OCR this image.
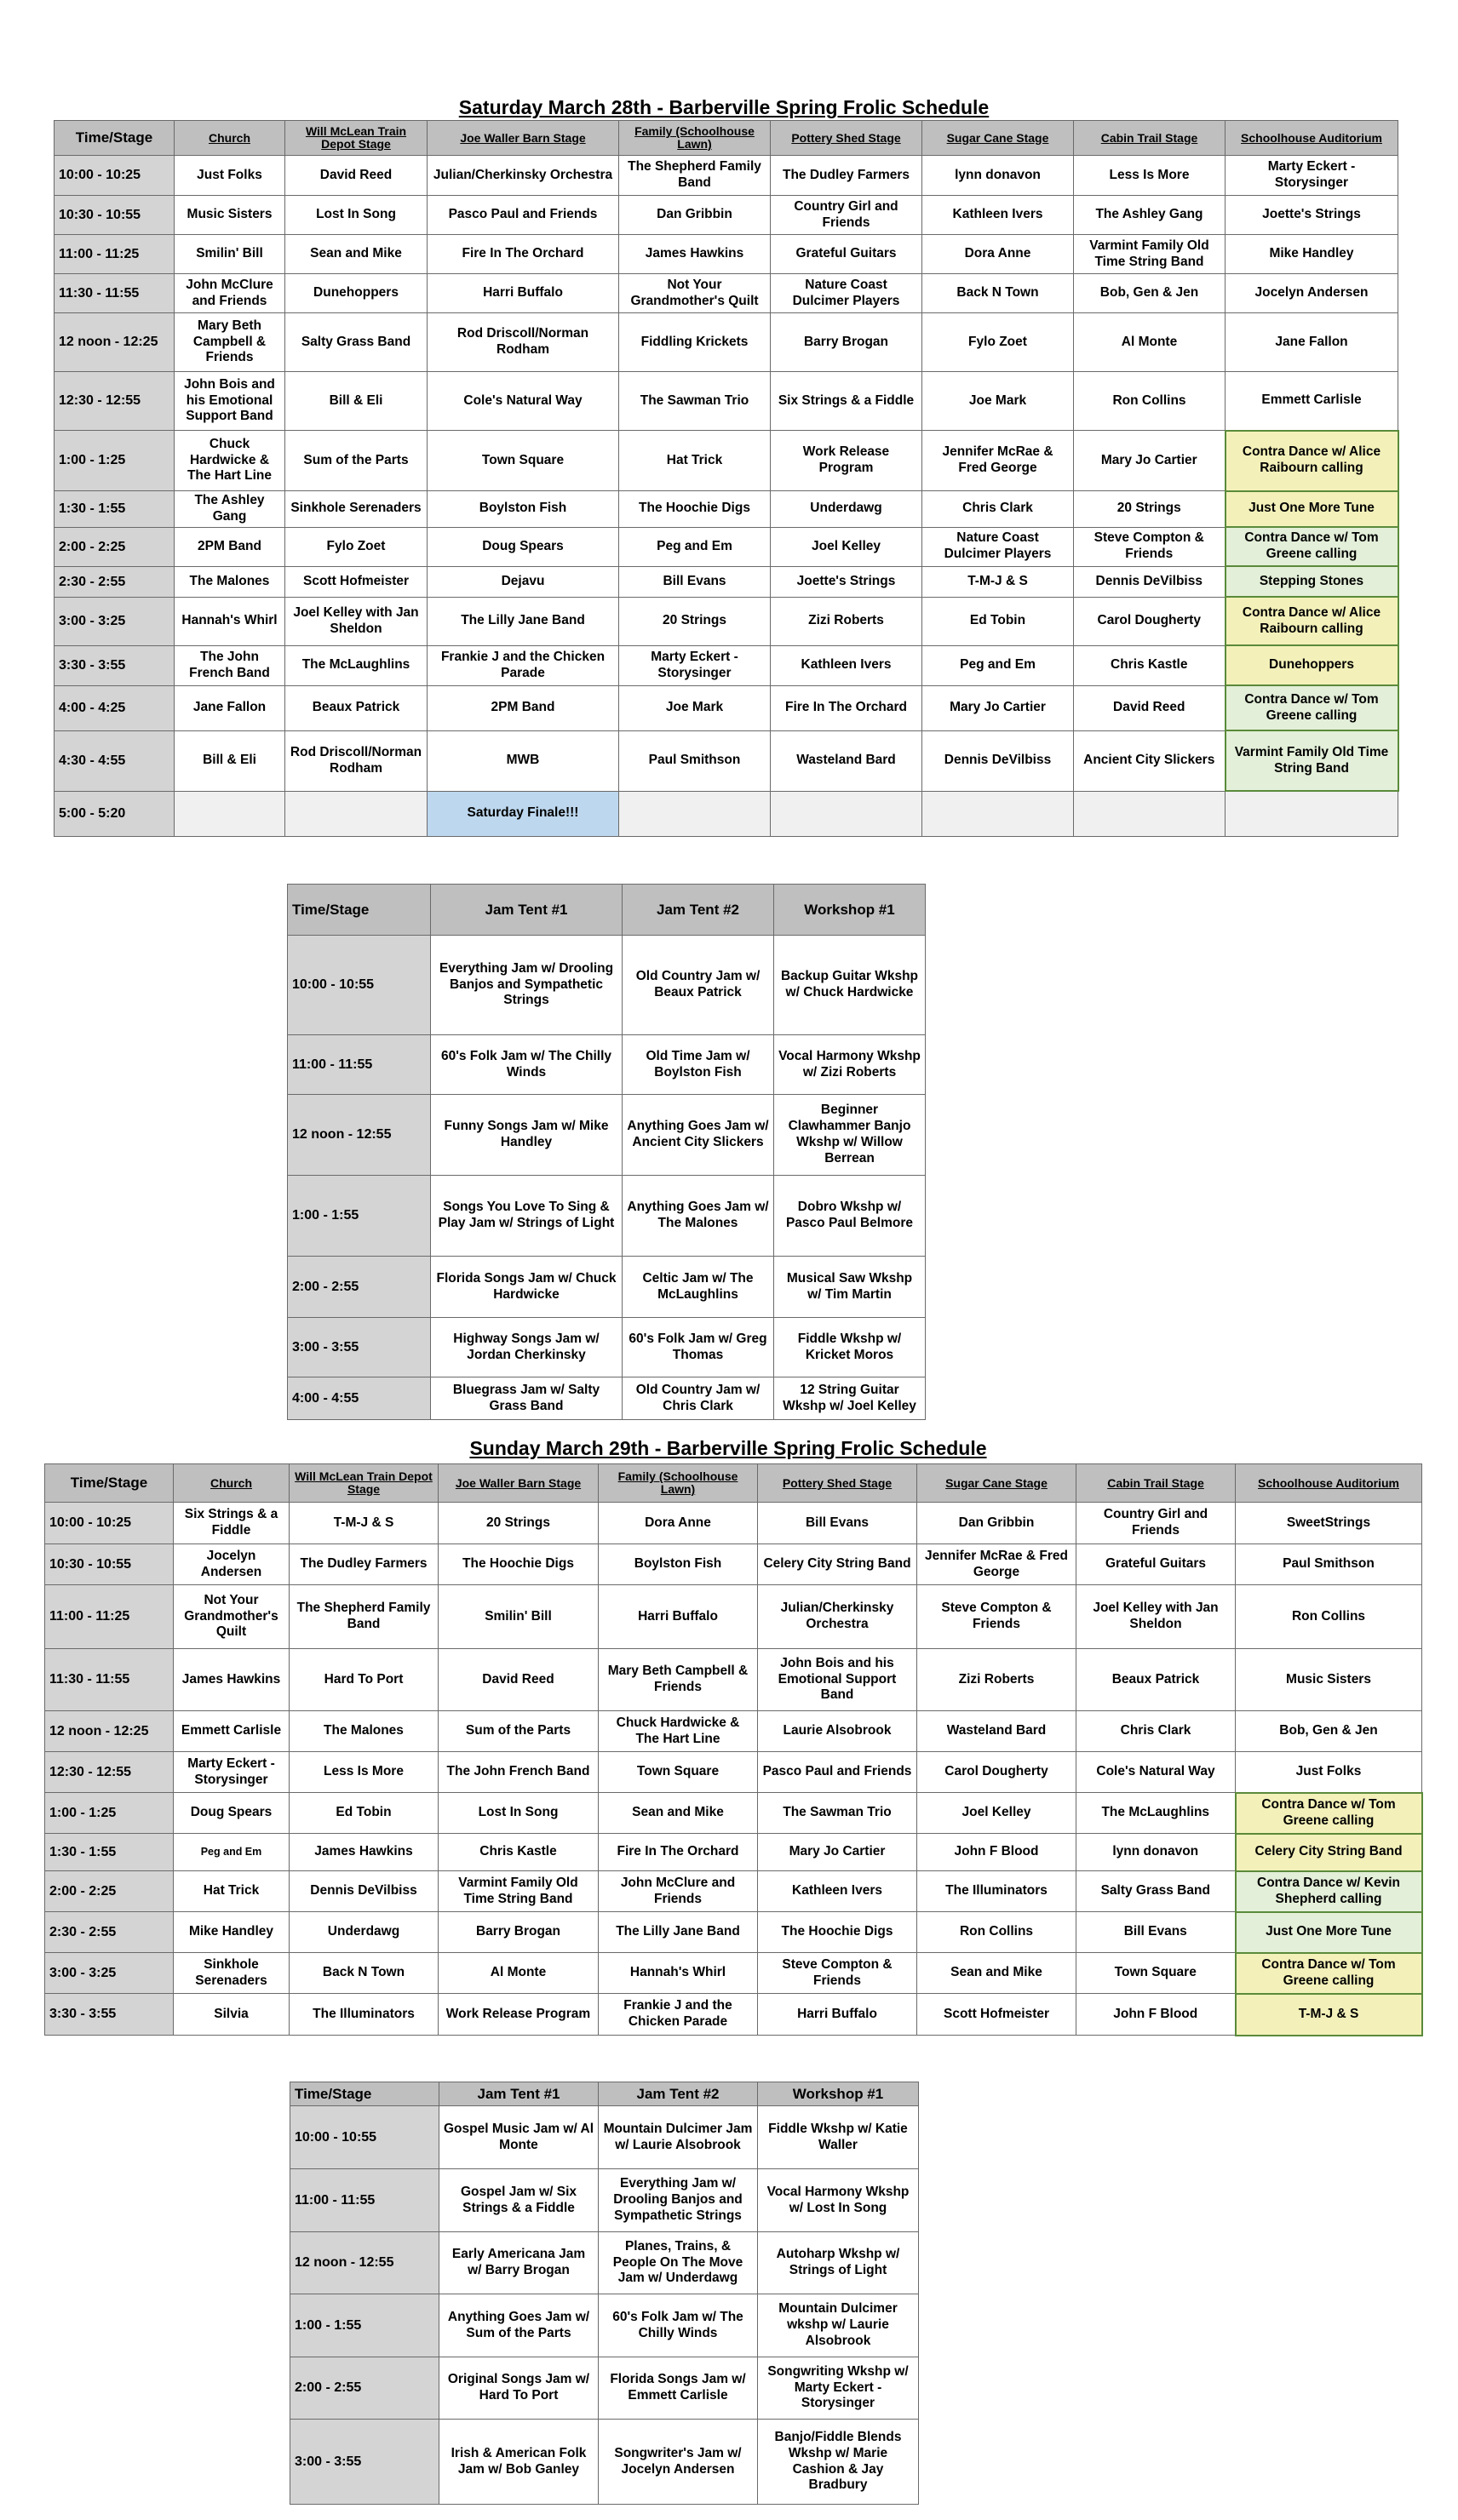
Saturday March 28th - Barberville Spring Frolic Schedule
Time/Stage	Church	Will McLean Train Depot Stage	Joe Waller Barn Stage	Family (Schoolhouse Lawn)	Pottery Shed Stage	Sugar Cane Stage	Cabin Trail Stage	Schoolhouse Auditorium
10:00 - 10:25	Just Folks	David Reed	Julian/Cherkinsky Orchestra	The Shepherd Family Band	The Dudley Farmers	lynn donavon	Less Is More	Marty Eckert - Storysinger
10:30 - 10:55	Music Sisters	Lost In Song	Pasco Paul and Friends	Dan Gribbin	Country Girl and Friends	Kathleen Ivers	The Ashley Gang	Joette's Strings
11:00 - 11:25	Smilin' Bill	Sean and Mike	Fire In The Orchard	James Hawkins	Grateful Guitars	Dora Anne	Varmint Family Old Time String Band	Mike Handley
11:30 - 11:55	John McClure and Friends	Dunehoppers	Harri Buffalo	Not Your Grandmother's Quilt	Nature Coast Dulcimer Players	Back N Town	Bob, Gen & Jen	Jocelyn Andersen
12 noon - 12:25	Mary Beth Campbell & Friends	Salty Grass Band	Rod Driscoll/Norman Rodham	Fiddling Krickets	Barry Brogan	Fylo Zoet	Al Monte	Jane Fallon
12:30 - 12:55	John Bois and his Emotional Support Band	Bill & Eli	Cole's Natural Way	The Sawman Trio	Six Strings & a Fiddle	Joe Mark	Ron Collins	Emmett Carlisle
1:00 - 1:25	Chuck Hardwicke & The Hart Line	Sum of the Parts	Town Square	Hat Trick	Work Release Program	Jennifer McRae & Fred George	Mary Jo Cartier	Contra Dance w/ Alice Raibourn calling
1:30 - 1:55	The Ashley Gang	Sinkhole Serenaders	Boylston Fish	The Hoochie Digs	Underdawg	Chris Clark	20 Strings	Just One More Tune
2:00 - 2:25	2PM Band	Fylo Zoet	Doug Spears	Peg and Em	Joel Kelley	Nature Coast Dulcimer Players	Steve Compton & Friends	Contra Dance w/ Tom Greene calling
2:30 - 2:55	The Malones	Scott Hofmeister	Dejavu	Bill Evans	Joette's Strings	T-M-J & S	Dennis DeVilbiss	Stepping Stones
3:00 - 3:25	Hannah's Whirl	Joel Kelley with Jan Sheldon	The Lilly Jane Band	20 Strings	Zizi Roberts	Ed Tobin	Carol Dougherty	Contra Dance w/ Alice Raibourn calling
3:30 - 3:55	The John French Band	The McLaughlins	Frankie J and the Chicken Parade	Marty Eckert - Storysinger	Kathleen Ivers	Peg and Em	Chris Kastle	Dunehoppers
4:00 - 4:25	Jane Fallon	Beaux Patrick	2PM Band	Joe Mark	Fire In The Orchard	Mary Jo Cartier	David Reed	Contra Dance w/ Tom Greene calling
4:30 - 4:55	Bill & Eli	Rod Driscoll/Norman Rodham	MWB	Paul Smithson	Wasteland Bard	Dennis DeVilbiss	Ancient City Slickers	Varmint Family Old Time String Band
5:00 - 5:20			Saturday Finale!!!					
Time/Stage	Jam Tent #1	Jam Tent #2	Workshop #1
10:00 - 10:55	Everything Jam w/ Drooling Banjos and Sympathetic Strings	Old Country Jam w/ Beaux Patrick	Backup Guitar Wkshp w/ Chuck Hardwicke
11:00 - 11:55	60's Folk Jam w/ The Chilly Winds	Old Time Jam w/ Boylston Fish	Vocal Harmony Wkshp w/ Zizi Roberts
12 noon - 12:55	Funny Songs Jam w/ Mike Handley	Anything Goes Jam w/ Ancient City Slickers	Beginner Clawhammer Banjo Wkshp w/ Willow Berrean
1:00 - 1:55	Songs You Love To Sing & Play Jam w/ Strings of Light	Anything Goes Jam w/ The Malones	Dobro Wkshp w/ Pasco Paul Belmore
2:00 - 2:55	Florida Songs Jam w/ Chuck Hardwicke	Celtic Jam w/ The McLaughlins	Musical Saw Wkshp w/ Tim Martin
3:00 - 3:55	Highway Songs Jam w/ Jordan Cherkinsky	60's Folk Jam w/ Greg Thomas	Fiddle Wkshp w/ Kricket Moros
4:00 - 4:55	Bluegrass Jam w/ Salty Grass Band	Old Country Jam w/ Chris Clark	12 String Guitar Wkshp w/ Joel Kelley
Sunday March 29th - Barberville Spring Frolic Schedule
Time/Stage	Church	Will McLean Train Depot Stage	Joe Waller Barn Stage	Family (Schoolhouse Lawn)	Pottery Shed Stage	Sugar Cane Stage	Cabin Trail Stage	Schoolhouse Auditorium
10:00 - 10:25	Six Strings & a Fiddle	T-M-J & S	20 Strings	Dora Anne	Bill Evans	Dan Gribbin	Country Girl and Friends	SweetStrings
10:30 - 10:55	Jocelyn Andersen	The Dudley Farmers	The Hoochie Digs	Boylston Fish	Celery City String Band	Jennifer McRae & Fred George	Grateful Guitars	Paul Smithson
11:00 - 11:25	Not Your Grandmother's Quilt	The Shepherd Family Band	Smilin' Bill	Harri Buffalo	Julian/Cherkinsky Orchestra	Steve Compton & Friends	Joel Kelley with Jan Sheldon	Ron Collins
11:30 - 11:55	James Hawkins	Hard To Port	David Reed	Mary Beth Campbell & Friends	John Bois and his Emotional Support Band	Zizi Roberts	Beaux Patrick	Music Sisters
12 noon - 12:25	Emmett Carlisle	The Malones	Sum of the Parts	Chuck Hardwicke & The Hart Line	Laurie Alsobrook	Wasteland Bard	Chris Clark	Bob, Gen & Jen
12:30 - 12:55	Marty Eckert - Storysinger	Less Is More	The John French Band	Town Square	Pasco Paul and Friends	Carol Dougherty	Cole's Natural Way	Just Folks
1:00 - 1:25	Doug Spears	Ed Tobin	Lost In Song	Sean and Mike	The Sawman Trio	Joel Kelley	The McLaughlins	Contra Dance w/ Tom Greene calling
1:30 - 1:55	Peg and Em	James Hawkins	Chris Kastle	Fire In The Orchard	Mary Jo Cartier	John F Blood	lynn donavon	Celery City String Band
2:00 - 2:25	Hat Trick	Dennis DeVilbiss	Varmint Family Old Time String Band	John McClure and Friends	Kathleen Ivers	The Illuminators	Salty Grass Band	Contra Dance w/ Kevin Shepherd calling
2:30 - 2:55	Mike Handley	Underdawg	Barry Brogan	The Lilly Jane Band	The Hoochie Digs	Ron Collins	Bill Evans	Just One More Tune
3:00 - 3:25	Sinkhole Serenaders	Back N Town	Al Monte	Hannah's Whirl	Steve Compton & Friends	Sean and Mike	Town Square	Contra Dance w/ Tom Greene calling
3:30 - 3:55	Silvia	The Illuminators	Work Release Program	Frankie J and the Chicken Parade	Harri Buffalo	Scott Hofmeister	John F Blood	T-M-J & S
Time/Stage	Jam Tent #1	Jam Tent #2	Workshop #1
10:00 - 10:55	Gospel Music Jam w/ Al Monte	Mountain Dulcimer Jam w/ Laurie Alsobrook	Fiddle Wkshp w/ Katie Waller
11:00 - 11:55	Gospel Jam w/ Six Strings & a Fiddle	Everything Jam w/ Drooling Banjos and Sympathetic Strings	Vocal Harmony Wkshp w/ Lost In Song
12 noon - 12:55	Early Americana Jam w/ Barry Brogan	Planes, Trains, & People On The Move Jam w/ Underdawg	Autoharp Wkshp w/ Strings of Light
1:00 - 1:55	Anything Goes Jam w/ Sum of the Parts	60's Folk Jam w/ The Chilly Winds	Mountain Dulcimer wkshp w/ Laurie Alsobrook
2:00 - 2:55	Original Songs Jam w/ Hard To Port	Florida Songs Jam w/ Emmett Carlisle	Songwriting Wkshp w/ Marty Eckert - Storysinger
3:00 - 3:55	Irish & American Folk Jam w/ Bob Ganley	Songwriter's Jam w/ Jocelyn Andersen	Banjo/Fiddle Blends Wkshp w/ Marie Cashion & Jay Bradbury
